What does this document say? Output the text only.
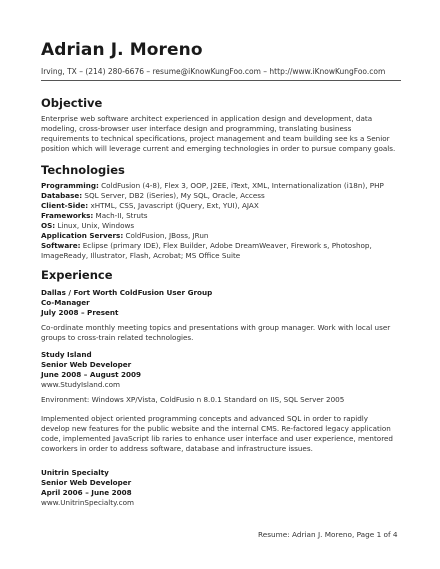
Adrian J. Moreno
Irving, TX – (214) 280-6676 – resume@iKnowKungFoo.com – http://www.iKnowKungFoo.com
Objective
Enterprise web software architect experienced in application design and development, data
modeling, cross-browser user interface design and programming, translating business
requirements to technical specifications, project management and team building see ks a Senior
position which will leverage current and emerging technologies in order to pursue company goals.
Technologies
Programming: ColdFusion (4-8), Flex 3, OOP, J2EE, iText, XML, Internationalization (i18n), PHP
Database: SQL Server, DB2 (iSeries), My SQL, Oracle, Access
Client-Side: xHTML, CSS, Javascript (jQuery, Ext, YUI), AJAX
Frameworks: Mach-II, Struts
OS: Linux, Unix, Windows
Application Servers: ColdFusion, JBoss, JRun
Software: Eclipse (primary IDE), Flex Builder, Adobe DreamWeaver, Firework s, Photoshop,
ImageReady, Illustrator, Flash, Acrobat; MS Office Suite
Experience
Dallas / Fort Worth ColdFusion User Group
Co-Manager
July 2008 – Present
Co-ordinate monthly meeting topics and presentations with group manager. Work with local user
groups to cross-train related technologies.
Study Island
Senior Web Developer
June 2008 – August 2009
www.StudyIsland.com
Environment: Windows XP/Vista, ColdFusio n 8.0.1 Standard on IIS, SQL Server 2005
Implemented object oriented programming concepts and advanced SQL in order to rapidly
develop new features for the public website and the internal CMS. Re-factored legacy application
code, implemented JavaScript lib raries to enhance user interface and user experience, mentored
coworkers in order to address software, database and infrastructure issues.
Unitrin Specialty
Senior Web Developer
April 2006 – June 2008
www.UnitrinSpecialty.com
Resume: Adrian J. Moreno, Page 1 of 4
